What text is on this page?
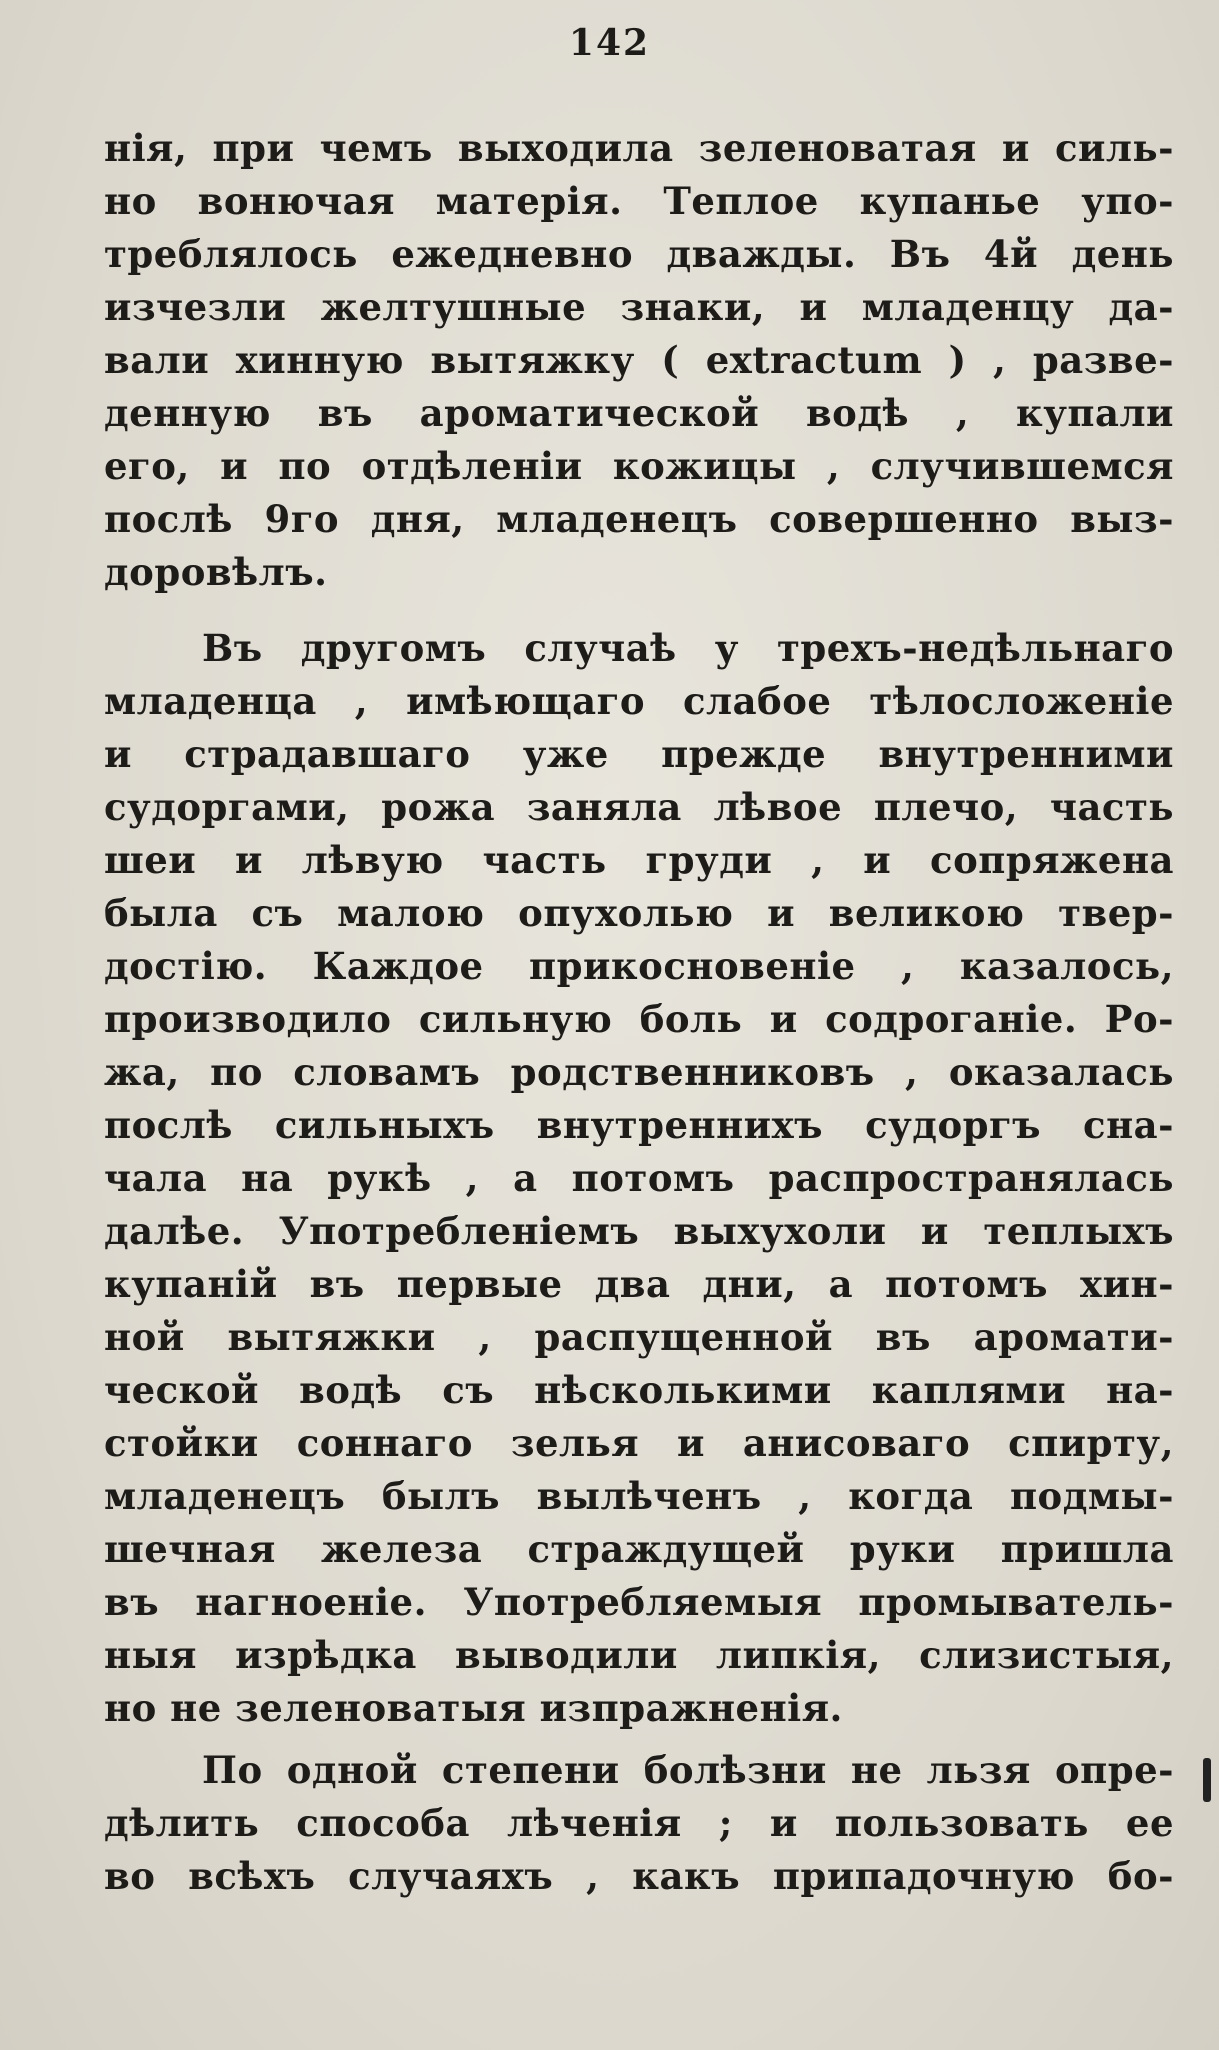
142
нія, при чемъ выходила зеленоватая и силь-
но вонючая матерія. Теплое купанье упо-
треблялось ежедневно дважды. Въ 4й день
изчезли желтушные знаки, и младенцу да-
вали хинную вытяжку ( extractum ) , разве-
денную въ ароматической водѣ , купали
его, и по отдѣленіи кожицы , случившемся
послѣ 9го дня, младенецъ совершенно выз-
доровѣлъ.
Въ другомъ случаѣ у трехъ-недѣльнаго
младенца , имѣющаго слабое тѣлосложеніе
и страдавшаго уже прежде внутренними
судоргами, рожа заняла лѣвое плечо, часть
шеи и лѣвую часть груди , и сопряжена
была съ малою опухолью и великою твер-
достію. Каждое прикосновеніе , казалось,
производило сильную боль и содроганіе. Ро-
жа, по словамъ родственниковъ , оказалась
послѣ сильныхъ внутреннихъ судоргъ сна-
чала на рукѣ , а потомъ распространялась
далѣе. Употребленіемъ выхухоли и теплыхъ
купаній въ первые два дни, а потомъ хин-
ной вытяжки , распущенной въ аромати-
ческой водѣ съ нѣсколькими каплями на-
стойки соннаго зелья и анисоваго спирту,
младенецъ былъ вылѣченъ , когда подмы-
шечная железа страждущей руки пришла
въ нагноеніе. Употребляемыя промыватель-
ныя изрѣдка выводили липкія, слизистыя,
но не зеленоватыя изпражненія.
По одной степени болѣзни не льзя опре-
дѣлить способа лѣченія ; и пользовать ее
во всѣхъ случаяхъ , какъ припадочную бо-
